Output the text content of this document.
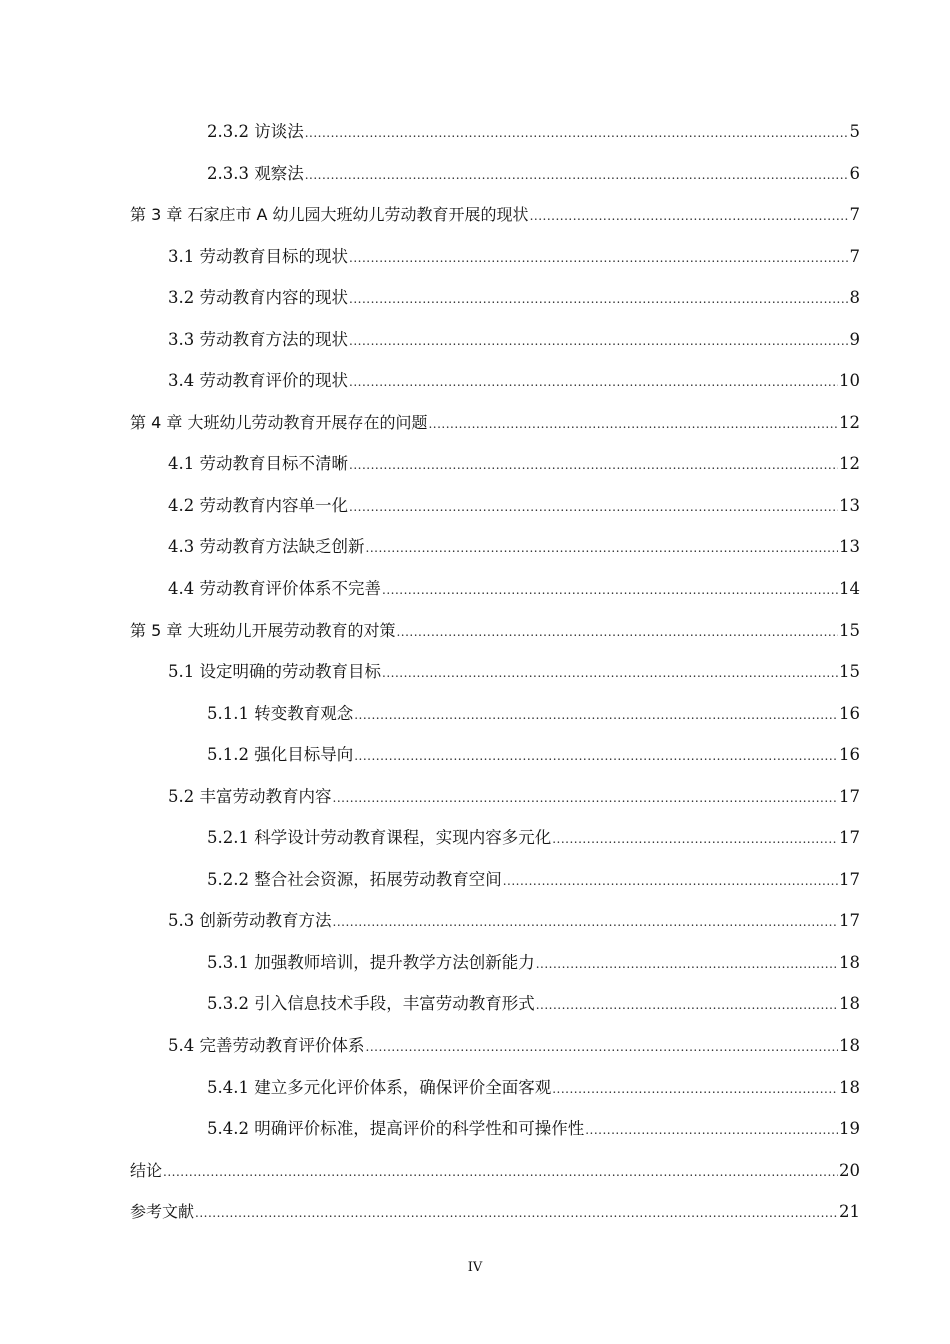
2.3.2 访谈法 .....	5
2.3.3 观察法 .....	6
第 3 章 石家庄市 A 幼儿园大班幼儿劳动教育开展的现状 .....	7
3.1 劳动教育目标的现状 .....	7
3.2 劳动教育内容的现状 .....	8
3.3 劳动教育方法的现状 .....	9
3.4 劳动教育评价的现状 .....	10
第 4 章 大班幼儿劳动教育开展存在的问题 .....	12
4.1 劳动教育目标不清晰 .....	12
4.2 劳动教育内容单一化 .....	13
4.3 劳动教育方法缺乏创新 .....	13
4.4 劳动教育评价体系不完善 .....	14
第 5 章 大班幼儿开展劳动教育的对策 .....	15
5.1 设定明确的劳动教育目标 .....	15
5.1.1 转变教育观念 .....	16
5.1.2 强化目标导向 .....	16
5.2 丰富劳动教育内容 .....	17
5.2.1 科学设计劳动教育课程，实现内容多元化 .....	17
5.2.2 整合社会资源，拓展劳动教育空间 .....	17
5.3 创新劳动教育方法 .....	17
5.3.1 加强教师培训，提升教学方法创新能力 .....	18
5.3.2 引入信息技术手段，丰富劳动教育形式 .....	18
5.4 完善劳动教育评价体系 .....	18
5.4.1 建立多元化评价体系，确保评价全面客观 .....	18
5.4.2 明确评价标准，提高评价的科学性和可操作性 .....	19
结论 .....	20
参考文献 .....	21
IV
